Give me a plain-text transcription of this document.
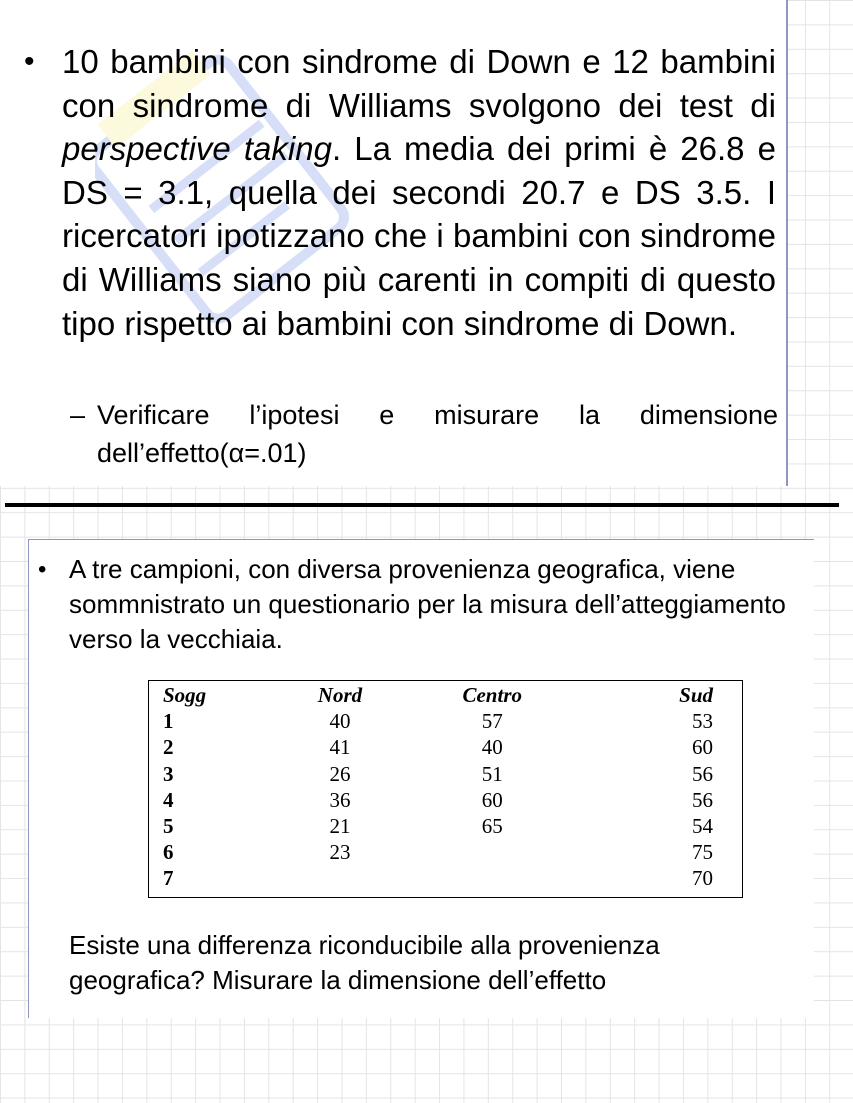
• 10 bambini con sindrome di Down e 12 bambini con sindrome di Williams svolgono dei test di perspective taking. La media dei primi è 26.8 e DS = 3.1, quella dei secondi 20.7 e DS 3.5. I ricercatori ipotizzano che i bambini con sindrome di Williams siano più carenti in compiti di questo tipo rispetto ai bambini con sindrome di Down.
– Verificare l’ipotesi e misurare la dimensione dell’effetto(α=.01)
• A tre campioni, con diversa provenienza geografica, viene sommnistrato un questionario per la misura dell’atteggiamento verso la vecchiaia.
Sogg	Nord	Centro	Sud
1	40	57	53
2	41	40	60
3	26	51	56
4	36	60	56
5	21	65	54
6	23		75
7			70
Esiste una differenza riconducibile alla provenienza geografica? Misurare la dimensione dell’effetto
